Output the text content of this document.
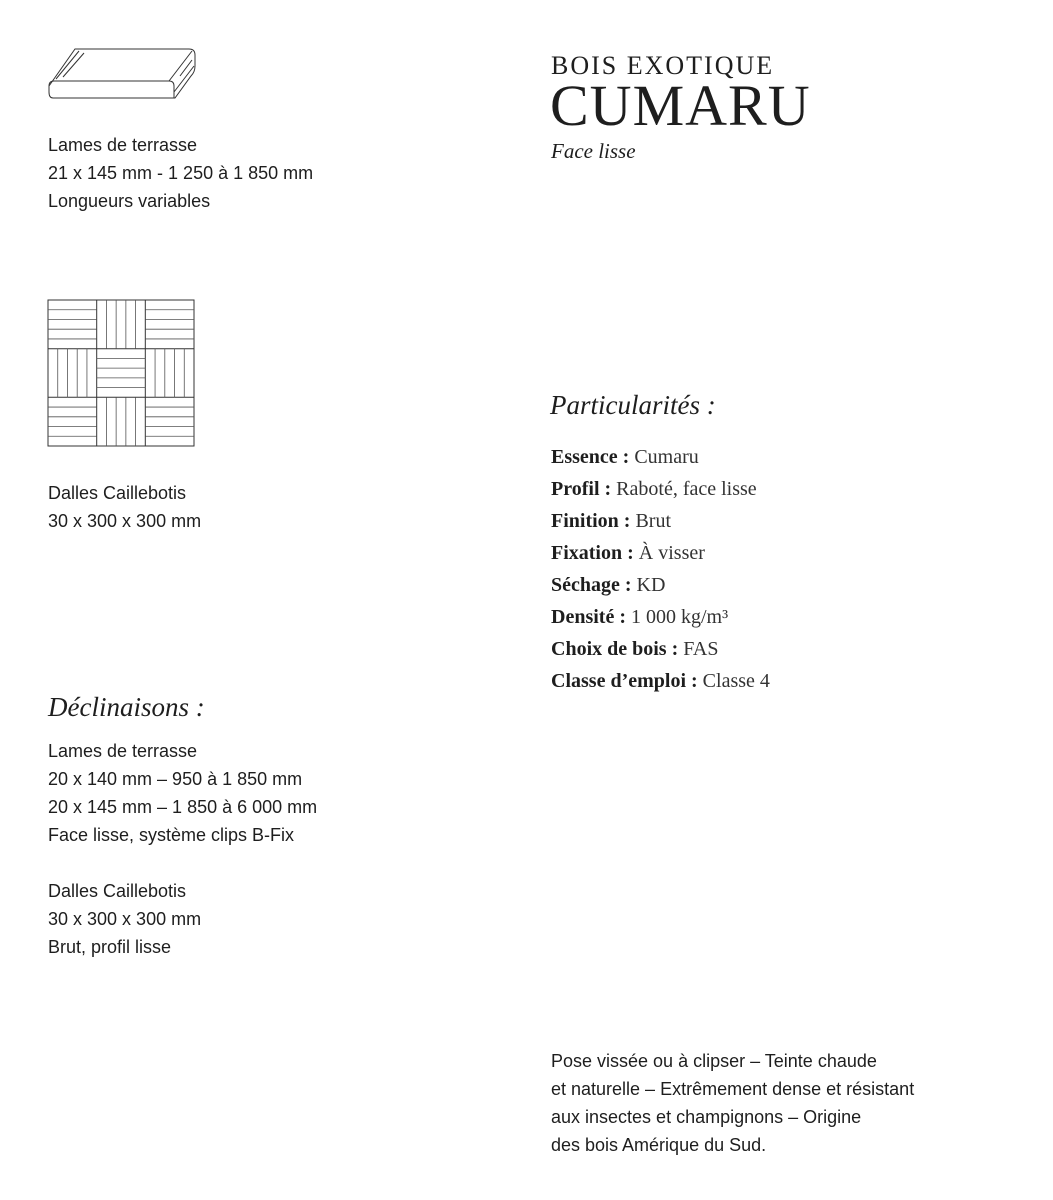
Lames de terrasse
21 x 145 mm - 1 250 à 1 850 mm
Longueurs variables
BOIS EXOTIQUE
CUMARU
Face lisse
Dalles Caillebotis
30 x 300 x 300 mm
Particularités :
Essence : Cumaru
Profil : Raboté, face lisse
Finition : Brut
Fixation : À visser
Séchage : KD
Densité : 1 000 kg/m³
Choix de bois : FAS
Classe d’emploi : Classe 4
Déclinaisons :
Lames de terrasse
20 x 140 mm – 950 à 1 850 mm
20 x 145 mm – 1 850 à 6 000 mm
Face lisse, système clips B-Fix
Dalles Caillebotis
30 x 300 x 300 mm
Brut, profil lisse
Pose vissée ou à clipser – Teinte chaude
et naturelle – Extrêmement dense et résistant
aux insectes et champignons – Origine
des bois Amérique du Sud.
